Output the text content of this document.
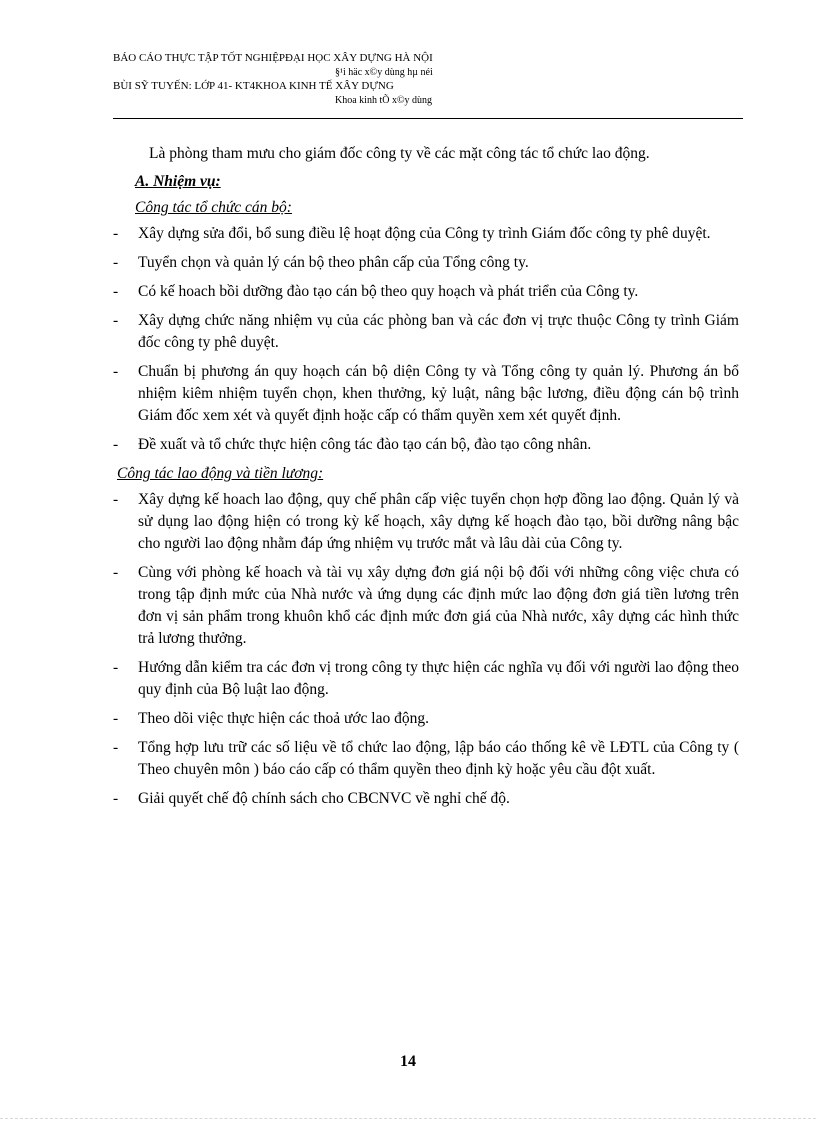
BÁO CÁO THỰC TẬP TỐT NGHIỆPĐẠI HỌC XÂY DỰNG HÀ NỘI
§¹i häc x©y dùng hµ néi
BÙI SỸ TUYẾN: LỚP 41- KT4KHOA KINH TẾ XÂY DỰNG
Khoa kinh tÕ x©y dùng

Là phòng tham mưu cho giám đốc công ty về các mặt công tác tổ chức lao động.

A. Nhiệm vụ:

Công tác tổ chức cán bộ:

- Xây dựng sửa đổi, bổ sung điều lệ hoạt động của Công ty trình Giám đốc công ty phê duyệt.
- Tuyển chọn và quản lý cán bộ theo phân cấp của Tổng công ty.
- Có kế hoach bồi dưỡng đào tạo cán bộ theo quy hoạch và phát triển của Công ty.
- Xây dựng chức năng nhiệm vụ của các phòng ban và các đơn vị trực thuộc Công ty trình Giám đốc công ty phê duyệt.
- Chuẩn bị phương án quy hoạch cán bộ diện Công ty và Tổng công ty quản lý. Phương án bổ nhiệm kiêm nhiệm tuyển chọn, khen thưởng, kỷ luật, nâng bậc lương, điều động cán bộ trình Giám đốc xem xét và quyết định hoặc cấp có thẩm quyền xem xét quyết định.
- Đề xuất và tổ chức thực hiện công tác đào tạo cán bộ, đào tạo công nhân.

Công tác lao động và tiền lương:

- Xây dựng kế hoach lao động, quy chế phân cấp việc tuyển chọn hợp đồng lao động. Quản lý và sử dụng lao động hiện có trong kỳ kế hoạch, xây dựng kế hoạch đào tạo, bồi dưỡng nâng bậc cho người lao động nhằm đáp ứng nhiệm vụ trước mắt và lâu dài của Công ty.
- Cùng với phòng kế hoach và tài vụ xây dựng đơn giá nội bộ đối với những công việc chưa có trong tập định mức của Nhà nước và ứng dụng các định mức lao động đơn giá tiền lương trên đơn vị sản phẩm trong khuôn khổ các định mức đơn giá của Nhà nước, xây dựng các hình thức trả lương thưởng.
- Hướng dẫn kiểm tra các đơn vị trong công ty thực hiện các nghĩa vụ đối với người lao động theo quy định của Bộ luật lao động.
- Theo dõi việc thực hiện các thoả ước lao động.
- Tổng hợp lưu trữ các số liệu về tổ chức lao động, lập báo cáo thống kê về LĐTL của Công ty ( Theo chuyên môn ) báo cáo cấp có thẩm quyền theo định kỳ hoặc yêu cầu đột xuất.
- Giải quyết chế độ chính sách cho CBCNVC về nghỉ chế độ.
14
